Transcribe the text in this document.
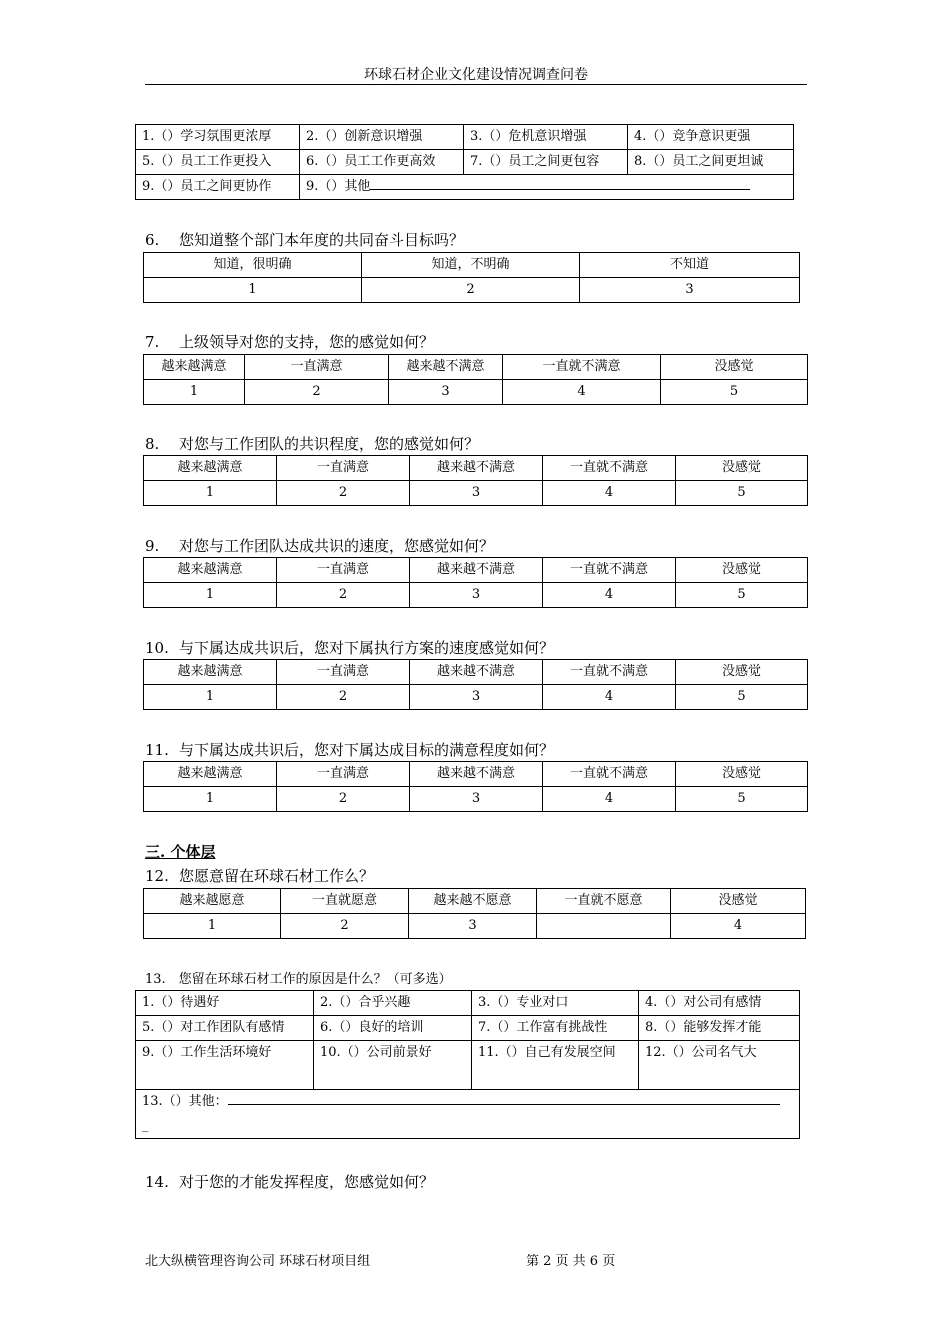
环球石材企业文化建设情况调查问卷
1.（）学习氛围更浓厚	2.（）创新意识增强	3.（）危机意识增强	4.（）竞争意识更强
5.（）员工工作更投入	6.（）员工工作更高效	7.（）员工之间更包容	8.（）员工之间更坦诚
9.（）员工之间更协作	9.（）其他		
6. 您知道整个部门本年度的共同奋斗目标吗？
知道，很明确	知道，不明确	不知道
1	2	3
7. 上级领导对您的支持，您的感觉如何？
越来越满意	一直满意	越来越不满意	一直就不满意	没感觉
1	2	3	4	5
8. 对您与工作团队的共识程度，您的感觉如何？
越来越满意	一直满意	越来越不满意	一直就不满意	没感觉
1	2	3	4	5
9. 对您与工作团队达成共识的速度，您感觉如何？
越来越满意	一直满意	越来越不满意	一直就不满意	没感觉
1	2	3	4	5
10. 与下属达成共识后，您对下属执行方案的速度感觉如何？
越来越满意	一直满意	越来越不满意	一直就不满意	没感觉
1	2	3	4	5
11. 与下属达成共识后，您对下属达成目标的满意程度如何？
越来越满意	一直满意	越来越不满意	一直就不满意	没感觉
1	2	3	4	5
三. 个体层
12. 您愿意留在环球石材工作么？
越来越愿意	一直就愿意	越来越不愿意	一直就不愿意	没感觉
1	2	3		4
13.　您留在环球石材工作的原因是什么？（可多选）
1.（）待遇好	2.（）合乎兴趣	3.（）专业对口	4.（）对公司有感情
5.（）对工作团队有感情	6.（）良好的培训	7.（）工作富有挑战性	8.（）能够发挥才能
9.（）工作生活环境好	10.（）公司前景好	11.（）自己有发展空间	12.（）公司名气大
13.（）其他：
_			
14. 对于您的才能发挥程度，您感觉如何？
北大纵横管理咨询公司 环球石材项目组	第 2 页 共 6 页
